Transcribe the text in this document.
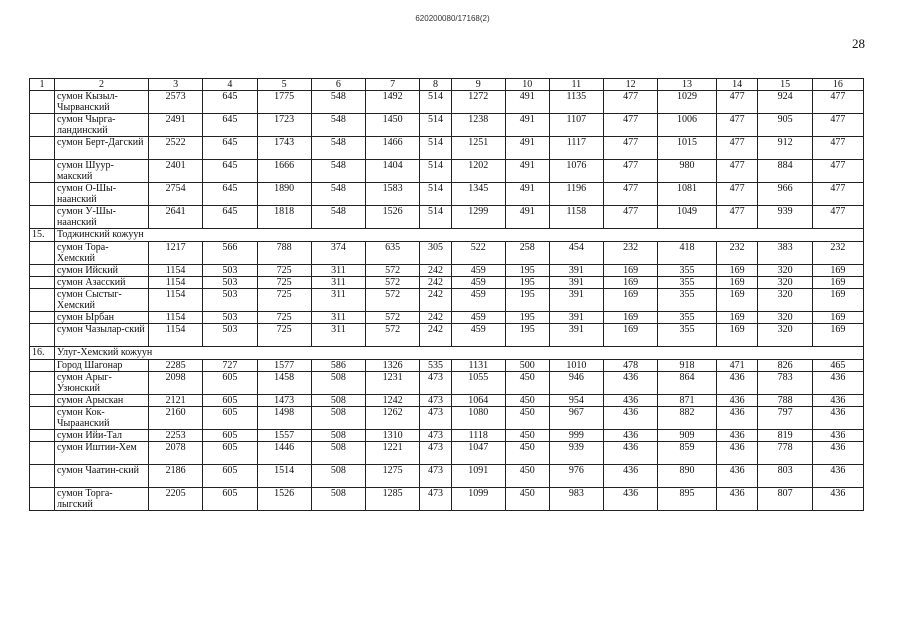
620200080/17168(2)
28
1	2	3	4	5	6	7	8	9	10	11	12	13	14	15	16
	сумон Кызыл-Чырванский	2573	645	1775	548	1492	514	1272	491	1135	477	1029	477	924	477
	сумон Чырга-ландинский	2491	645	1723	548	1450	514	1238	491	1107	477	1006	477	905	477
	сумон Берт-Дагский	2522	645	1743	548	1466	514	1251	491	1117	477	1015	477	912	477
	сумон Шуур-макский	2401	645	1666	548	1404	514	1202	491	1076	477	980	477	884	477
	сумон О-Шы-наанский	2754	645	1890	548	1583	514	1345	491	1196	477	1081	477	966	477
	сумон У-Шы-наанский	2641	645	1818	548	1526	514	1299	491	1158	477	1049	477	939	477
15.	Тоджинский кожуун														
	сумон Тора-Хемский	1217	566	788	374	635	305	522	258	454	232	418	232	383	232
	сумон Ийский	1154	503	725	311	572	242	459	195	391	169	355	169	320	169
	сумон Азасский	1154	503	725	311	572	242	459	195	391	169	355	169	320	169
	сумон Сыстыг-Хемский	1154	503	725	311	572	242	459	195	391	169	355	169	320	169
	сумон Ырбан	1154	503	725	311	572	242	459	195	391	169	355	169	320	169
	сумон Чазылар-ский	1154	503	725	311	572	242	459	195	391	169	355	169	320	169
16.	Улуг-Хемский кожуун														
	Город Шагонар	2285	727	1577	586	1326	535	1131	500	1010	478	918	471	826	465
	сумон Арыг-Узюнский	2098	605	1458	508	1231	473	1055	450	946	436	864	436	783	436
	сумон Арыскан	2121	605	1473	508	1242	473	1064	450	954	436	871	436	788	436
	сумон Кок-Чыраанский	2160	605	1498	508	1262	473	1080	450	967	436	882	436	797	436
	сумон Ийи-Тал	2253	605	1557	508	1310	473	1118	450	999	436	909	436	819	436
	сумон Иштии-Хем	2078	605	1446	508	1221	473	1047	450	939	436	859	436	778	436
	сумон Чаатин-ский	2186	605	1514	508	1275	473	1091	450	976	436	890	436	803	436
	сумон Торга-лыгский	2205	605	1526	508	1285	473	1099	450	983	436	895	436	807	436
